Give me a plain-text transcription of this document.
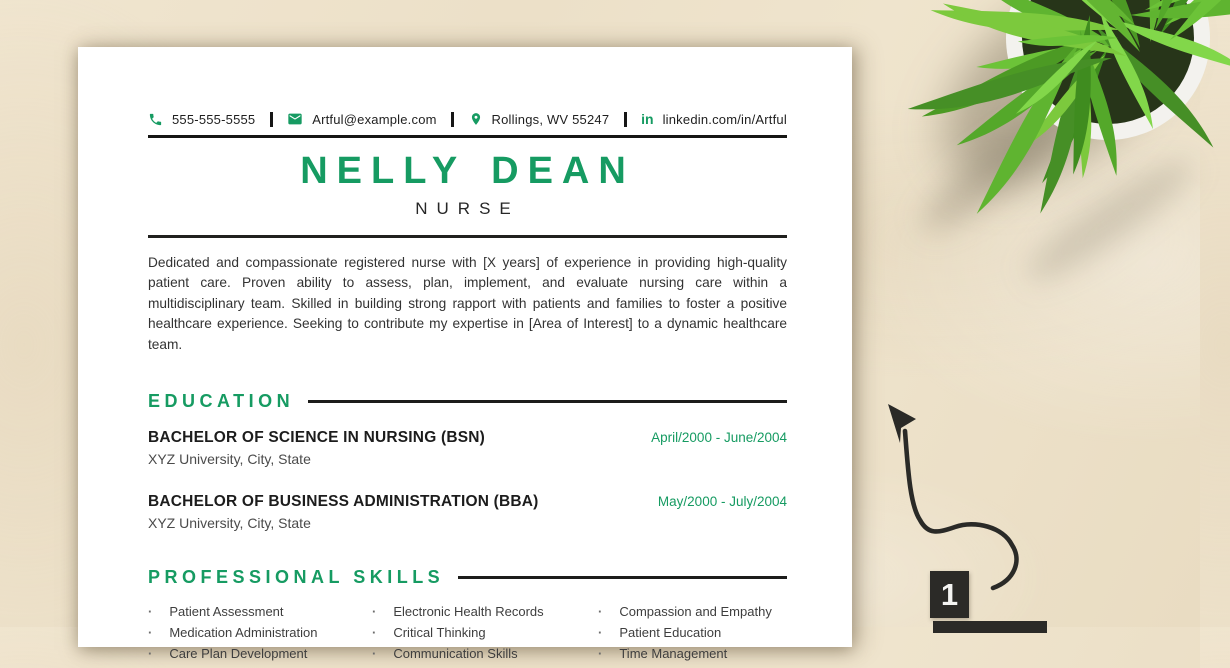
1
555-555-5555	Artful@example.com	Rollings, WV 55247 in linkedin.com/in/Artful
NELLY DEAN
NURSE

Dedicated and compassionate registered nurse with [X years] of experience in providing high-quality patient care. Proven ability to assess, plan, implement, and evaluate nursing care within a multidisciplinary team. Skilled in building strong rapport with patients and families to foster a positive healthcare experience. Seeking to contribute my expertise in [Area of Interest] to a dynamic healthcare team.

EDUCATION
BACHELOR OF SCIENCE IN NURSING (BSN)	April/2000 - June/2004
XYZ University, City, State
BACHELOR OF BUSINESS ADMINISTRATION (BBA)	May/2000 - July/2004
XYZ University, City, State
PROFESSIONAL SKILLS
· Patient Assessment
· Medication Administration
· Care Plan Development
· Electronic Health Records
· Critical Thinking
· Communication Skills
· Compassion and Empathy
· Patient Education
· Time Management
